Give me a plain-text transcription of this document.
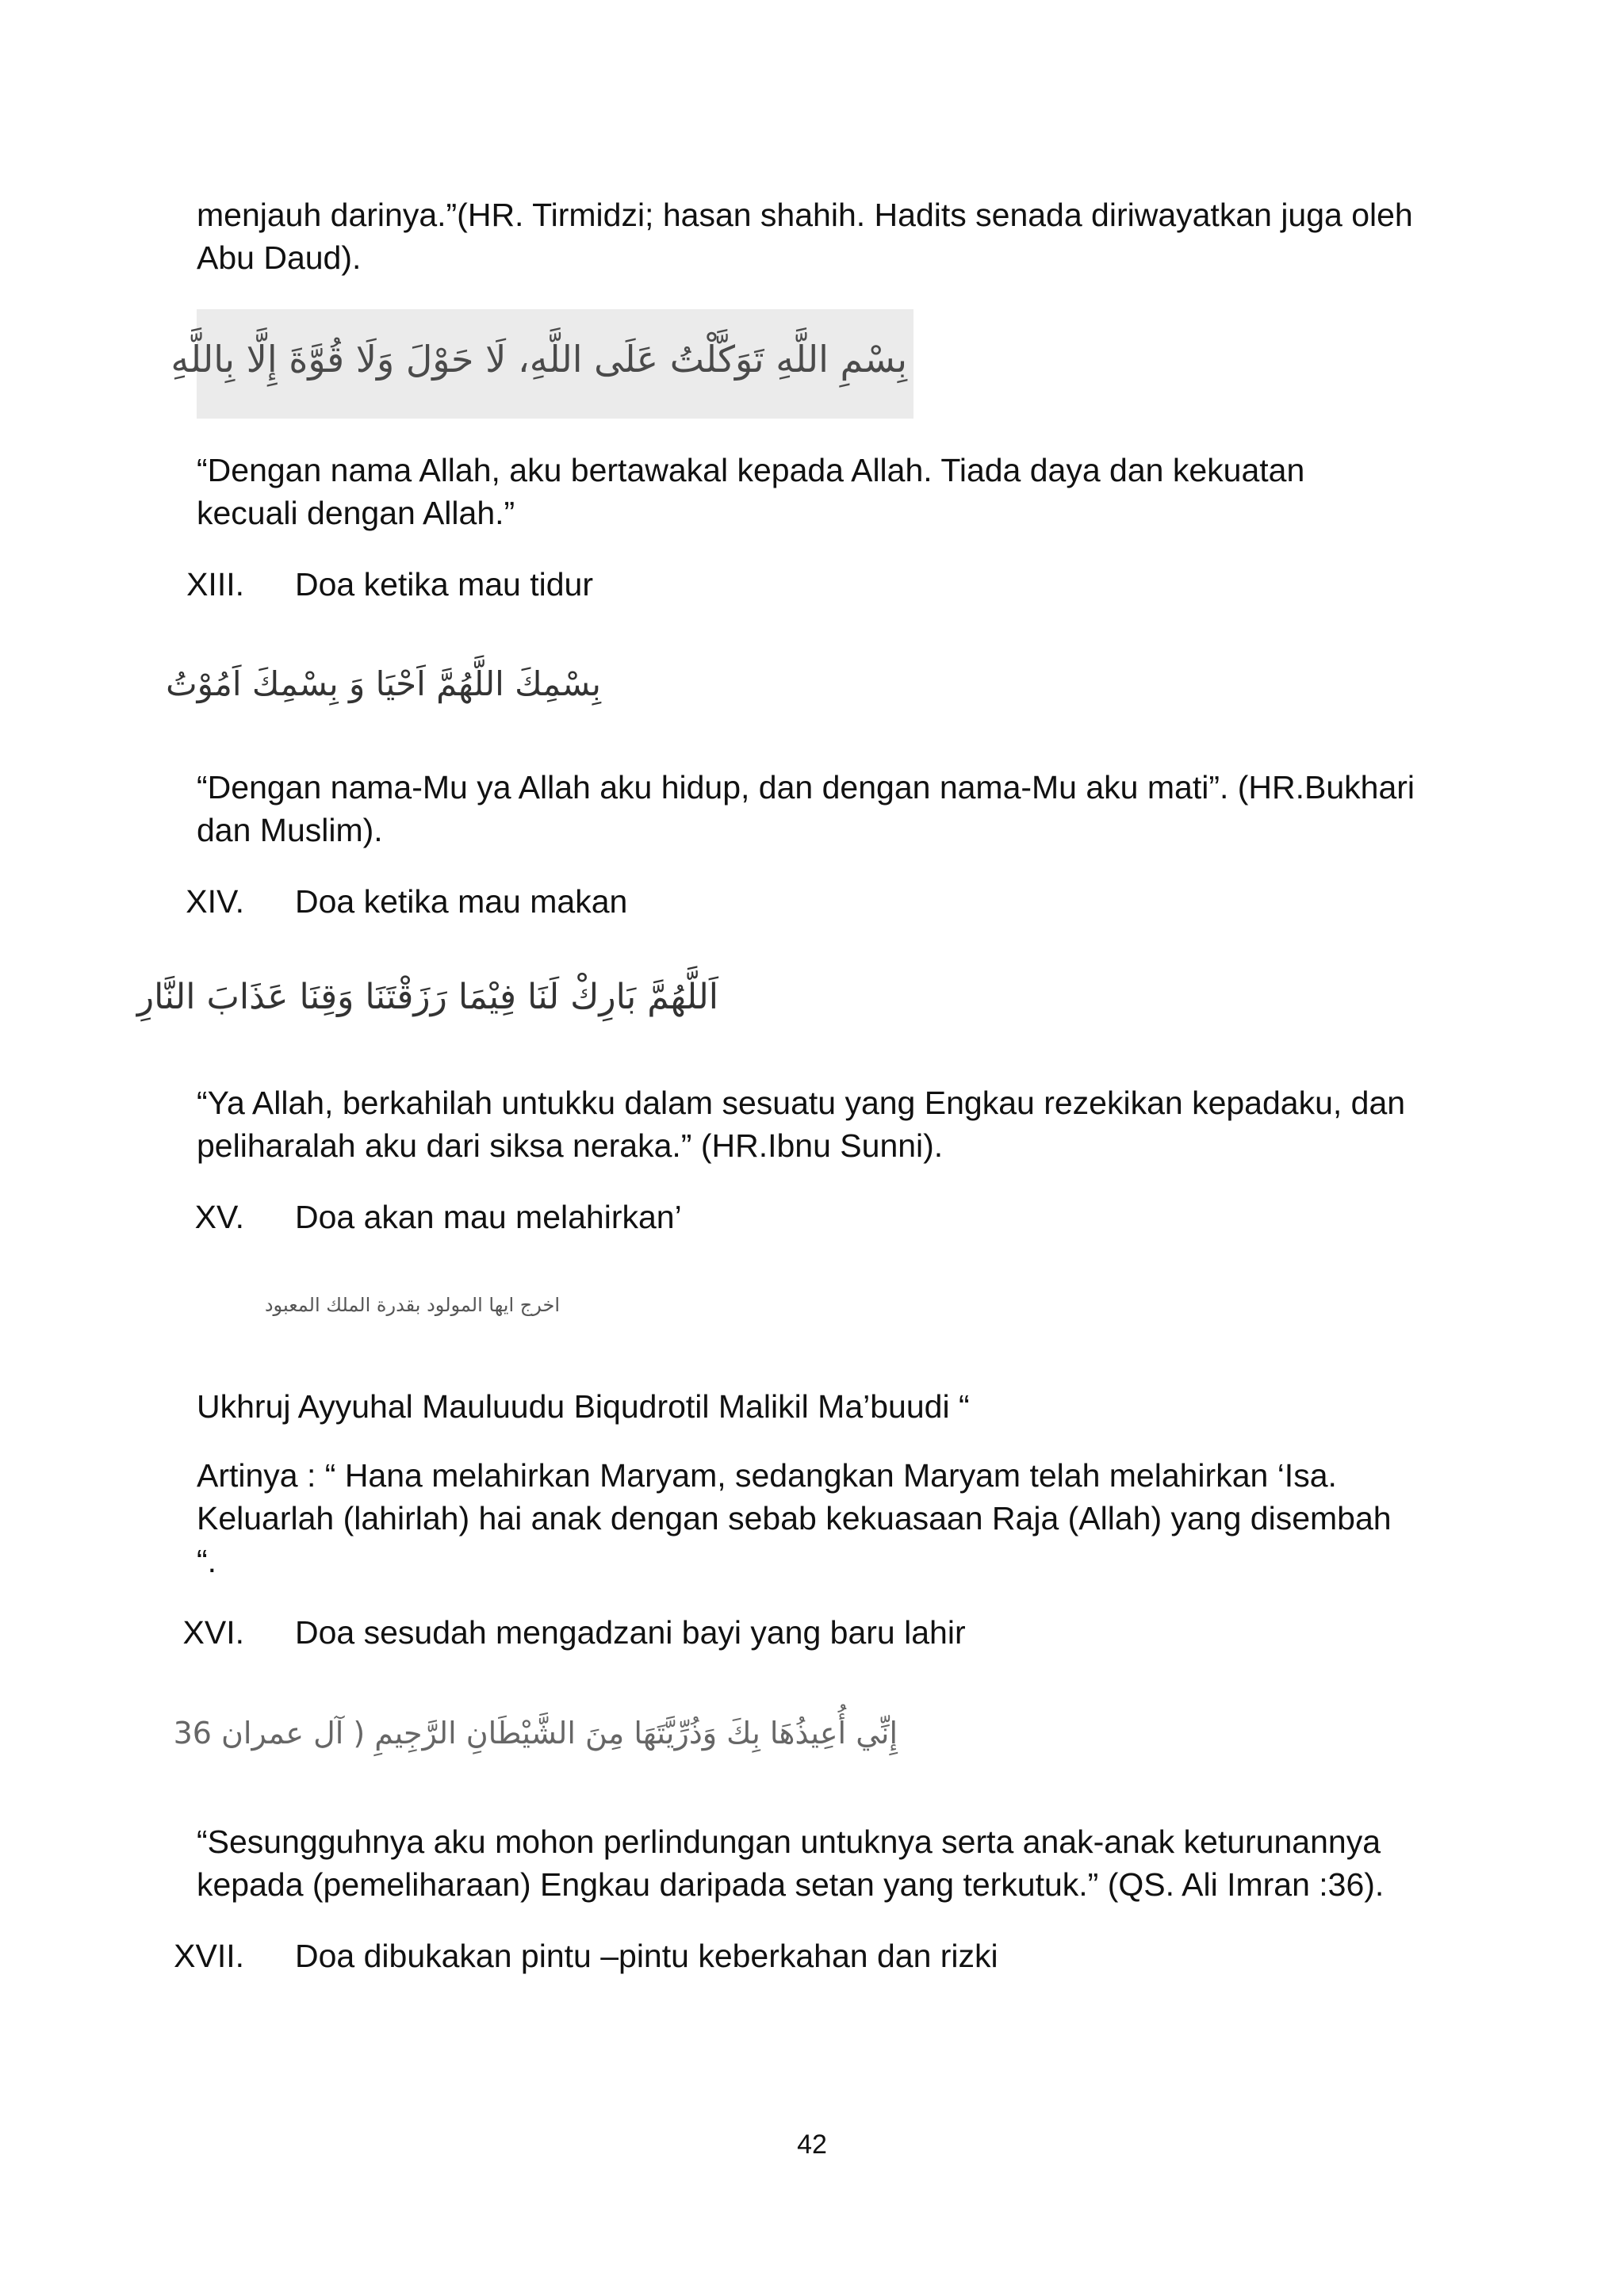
menjauh darinya.”(HR. Tirmidzi; hasan shahih. Hadits senada diriwayatkan juga oleh

Abu Daud).

بِسْمِ اللَّهِ تَوَكَّلْتُ عَلَى اللَّهِ، لَا حَوْلَ وَلَا قُوَّةَ إِلَّا بِاللَّهِ

“Dengan nama Allah, aku bertawakal kepada Allah. Tiada daya dan kekuatan

kecuali dengan Allah.”

XIII. Doa ketika mau tidur
بِسْمِكَ اللَّهُمَّ اَحْيَا وَ بِسْمِكَ اَمُوْتُ

“Dengan nama-Mu ya Allah aku hidup, dan dengan nama-Mu aku mati”. (HR.Bukhari

dan Muslim).

XIV. Doa ketika mau makan
اَللَّهُمَّ بَارِكْ لَنَا فِيْمَا رَزَقْتَنَا وَقِنَا عَذَابَ النَّارِ

“Ya Allah, berkahilah untukku dalam sesuatu yang Engkau rezekikan kepadaku, dan

peliharalah aku dari siksa neraka.” (HR.Ibnu Sunni).

XV. Doa akan mau melahirkan’
اخرج ايها المولود بقدرة الملك المعبود

Ukhruj Ayyuhal Mauluudu Biqudrotil Malikil Ma’buudi “

Artinya : “ Hana melahirkan Maryam, sedangkan Maryam telah melahirkan ‘Isa.

Keluarlah (lahirlah) hai anak dengan sebab kekuasaan Raja (Allah) yang disembah

“.

XVI. Doa sesudah mengadzani bayi yang baru lahir
إِنِّي أُعِيذُهَا بِكَ وَذُرِّيَّتَهَا مِنَ الشَّيْطَانِ الرَّجِيمِ ( آل عمران 36

“Sesungguhnya aku mohon perlindungan untuknya serta anak-anak keturunannya

kepada (pemeliharaan) Engkau daripada setan yang terkutuk.” (QS. Ali Imran :36).

XVII. Doa dibukakan pintu –pintu keberkahan dan rizki
42
